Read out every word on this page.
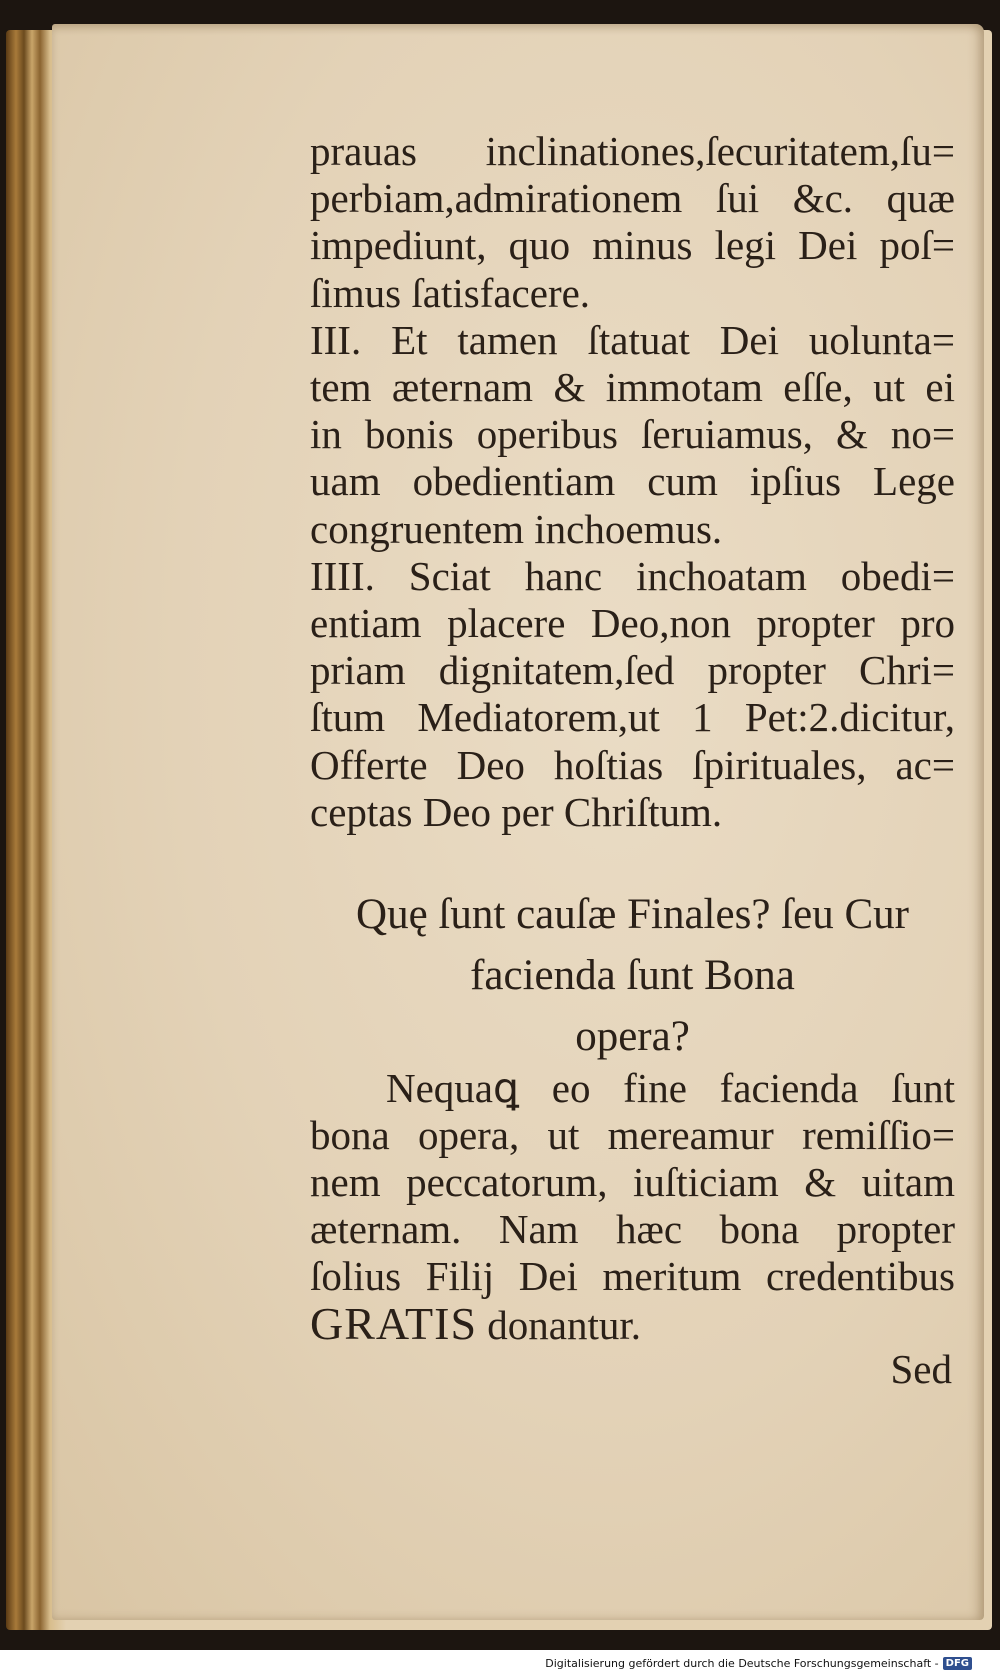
prauas inclinationes,ſecuritatem,ſu=
perbiam,admirationem ſui &c. quæ
impediunt, quo minus legi Dei poſ=
ſimus ſatisfacere.
III. Et tamen ſtatuat Dei uolunta=
tem æternam & immotam eſſe, ut ei
in bonis operibus ſeruiamus, & no=
uam obedientiam cum ipſius Lege
congruentem inchoemus.
IIII. Sciat hanc inchoatam obedi=
entiam placere Deo,non propter pro
priam dignitatem,ſed propter Chri=
ſtum Mediatorem,ut 1 Pet:2.dicitur,
Offerte Deo hoſtias ſpirituales, ac=
ceptas Deo per Chriſtum.
Quę ſunt cauſæ Finales? ſeu Cur
facienda ſunt Bona
opera?
Nequaꝗ eo fine facienda ſunt
bona opera, ut mereamur remiſſio=
nem peccatorum, iuſticiam & uitam
æternam. Nam hæc bona propter
ſolius Filij Dei meritum credentibus
GRATIS donantur.
Sed
Digitalisierung gefördert durch die Deutsche Forschungsgemeinschaft - DFG
